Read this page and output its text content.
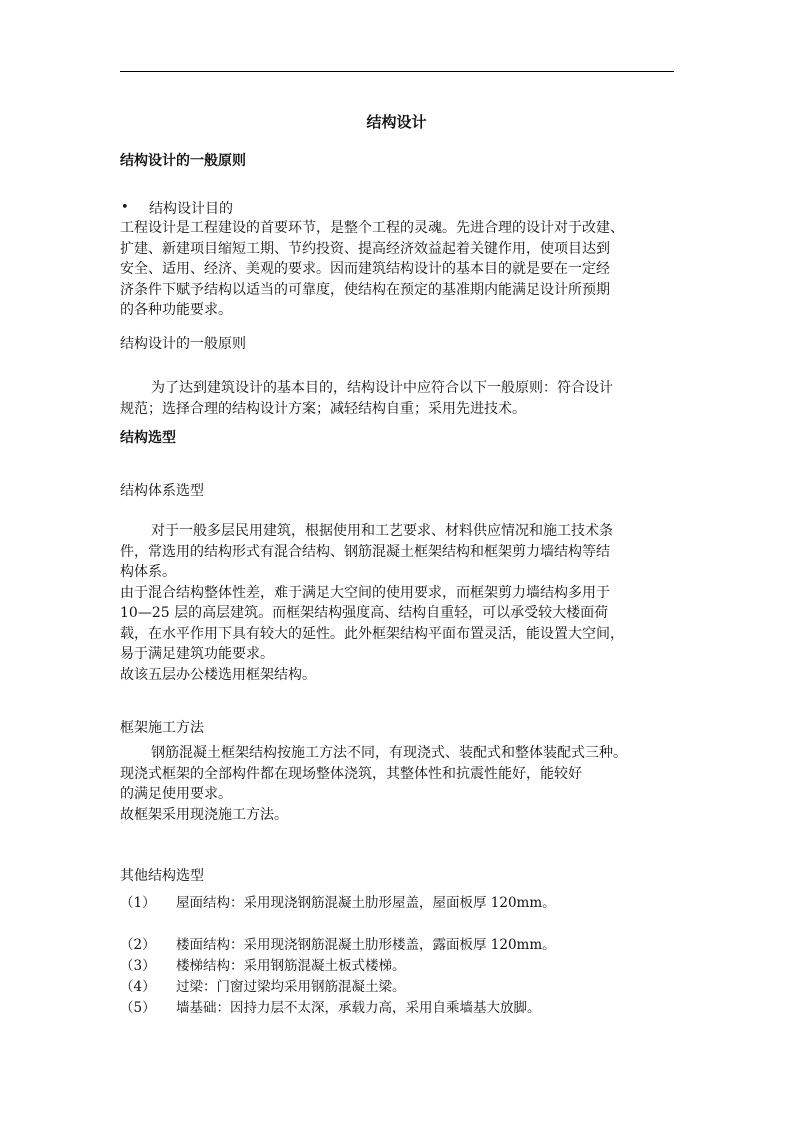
结构设计
结构设计的一般原则
• 结构设计目的
工程设计是工程建设的首要环节，是整个工程的灵魂。先进合理的设计对于改建、
扩建、新建项目缩短工期、节约投资、提高经济效益起着关键作用，使项目达到
安全、适用、经济、美观的要求。因而建筑结构设计的基本目的就是要在一定经
济条件下赋予结构以适当的可靠度，使结构在预定的基准期内能满足设计所预期
的各种功能要求。
结构设计的一般原则
为了达到建筑设计的基本目的，结构设计中应符合以下一般原则：符合设计
规范；选择合理的结构设计方案；减轻结构自重；采用先进技术。
结构选型
结构体系选型
对于一般多层民用建筑，根据使用和工艺要求、材料供应情况和施工技术条
件，常选用的结构形式有混合结构、钢筋混凝土框架结构和框架剪力墙结构等结
构体系。
由于混合结构整体性差，难于满足大空间的使用要求，而框架剪力墙结构多用于
10—25 层的高层建筑。而框架结构强度高、结构自重轻，可以承受较大楼面荷
载，在水平作用下具有较大的延性。此外框架结构平面布置灵活，能设置大空间，
易于满足建筑功能要求。
故该五层办公楼选用框架结构。
框架施工方法
钢筋混凝土框架结构按施工方法不同，有现浇式、装配式和整体装配式三种。
现浇式框架的全部构件都在现场整体浇筑，其整体性和抗震性能好，能较好
的满足使用要求。
故框架采用现浇施工方法。
其他结构选型
（1） 屋面结构：采用现浇钢筋混凝土肋形屋盖，屋面板厚 120mm。
（2） 楼面结构：采用现浇钢筋混凝土肋形楼盖，露面板厚 120mm。
（3） 楼梯结构：采用钢筋混凝土板式楼梯。
（4） 过梁：门窗过梁均采用钢筋混凝土梁。
（5） 墙基础：因持力层不太深，承载力高，采用自乘墙基大放脚。
